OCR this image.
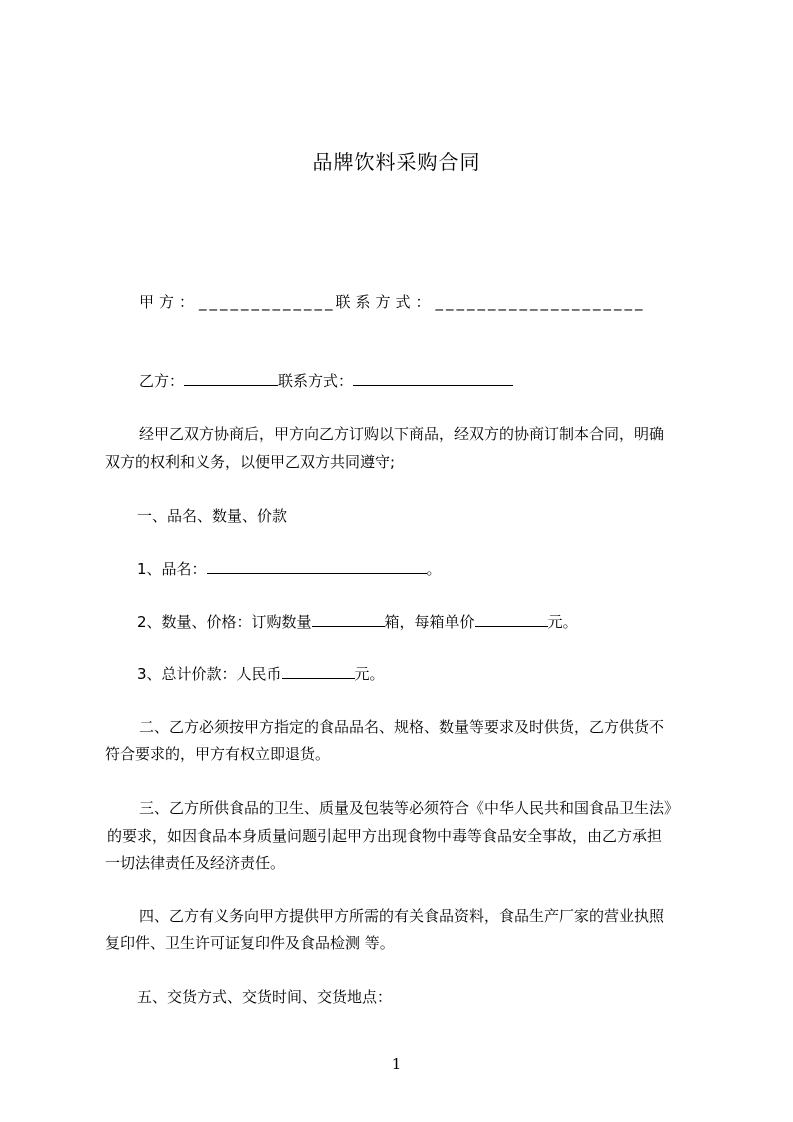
品牌饮料采购合同
甲方：_____________联系方式：____________________
乙方：	联系方式：
经甲乙双方协商后，甲方向乙方订购以下商品，经双方的协商订制本合同，明确
双方的权利和义务，以便甲乙双方共同遵守;
一、品名、数量、价款
1、品名：	。
2、数量、价格：订购数量	箱，每箱单价	元。
3、总计价款：人民币	元。
二、乙方必须按甲方指定的食品品名、规格、数量等要求及时供货，乙方供货不
符合要求的，甲方有权立即退货。
三、乙方所供食品的卫生、质量及包装等必须符合《中华人民共和国食品卫生法》
的要求，如因食品本身质量问题引起甲方出现食物中毒等食品安全事故，由乙方承担
一切法律责任及经济责任。
四、乙方有义务向甲方提供甲方所需的有关食品资料，食品生产厂家的营业执照
复印件、卫生许可证复印件及食品检测 等。
五、交货方式、交货时间、交货地点：
1
